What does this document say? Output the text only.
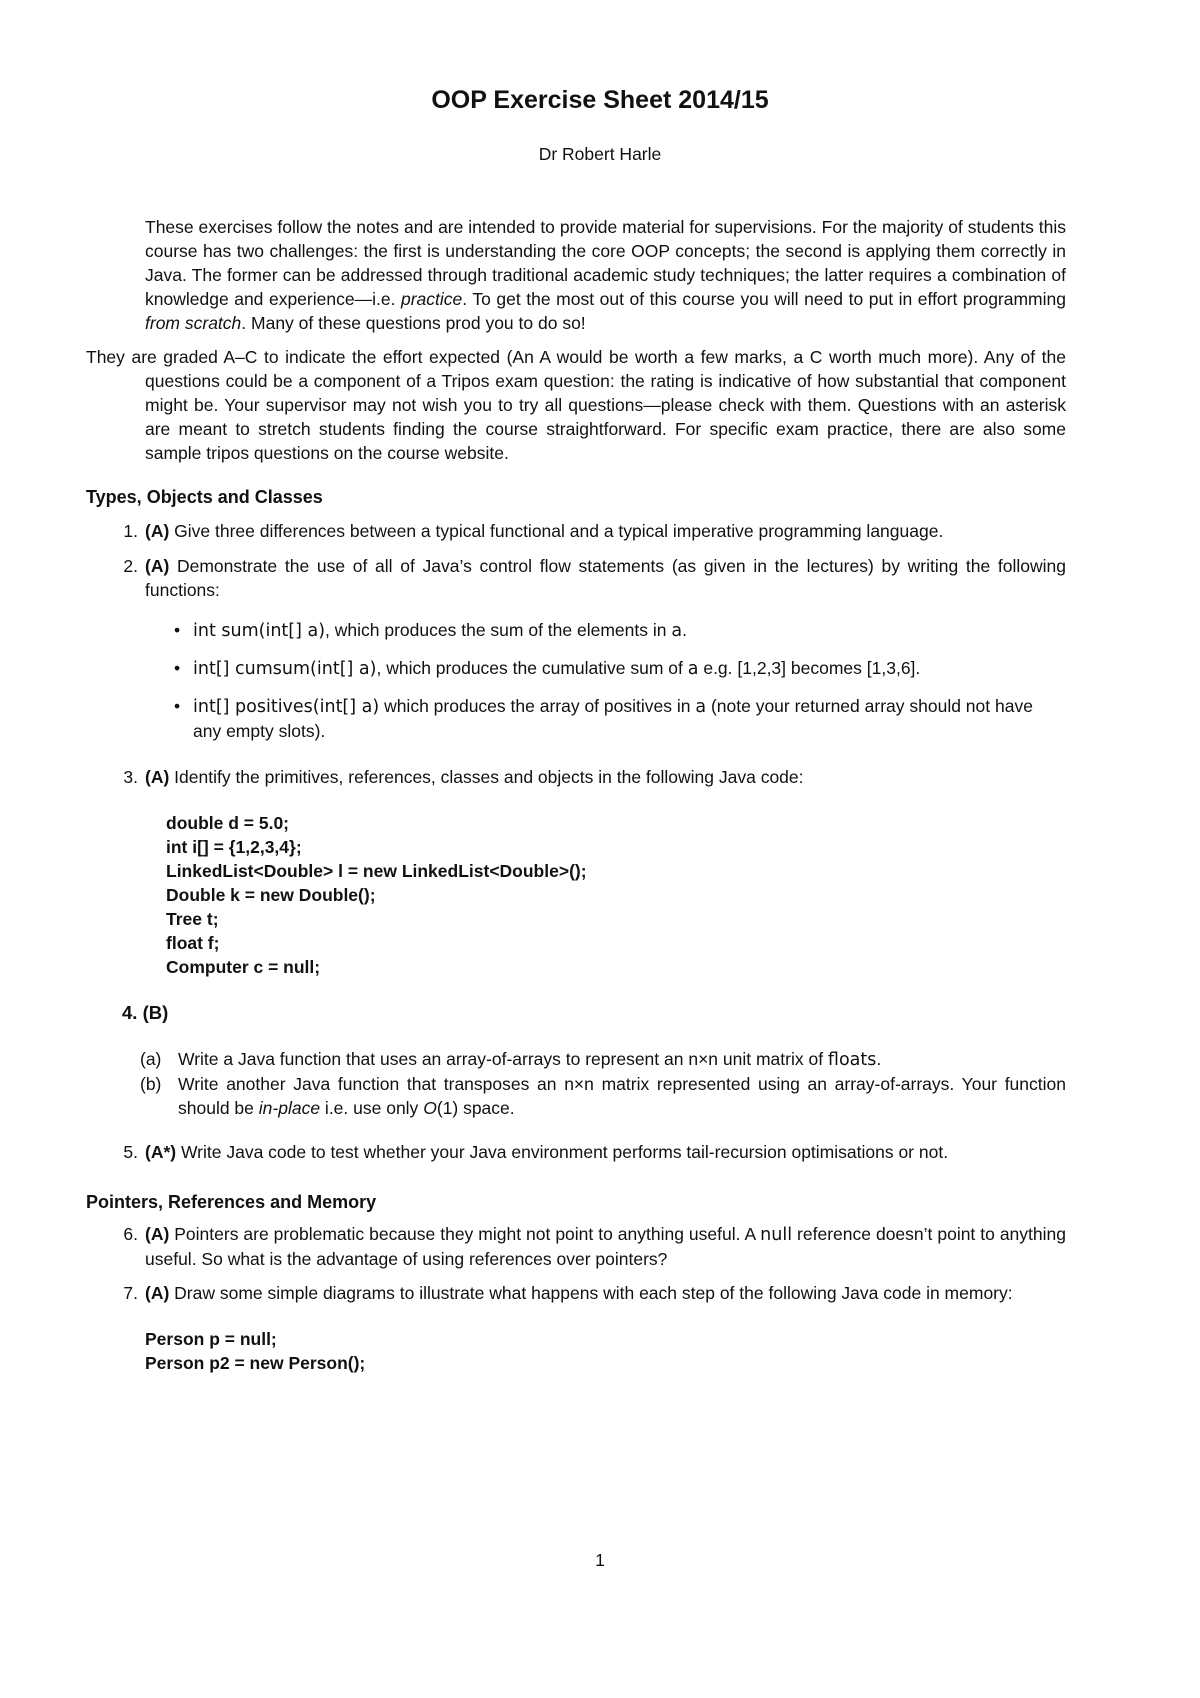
OOP Exercise Sheet 2014/15
Dr Robert Harle

These exercises follow the notes and are intended to provide material for supervisions. For the majority of students this course has two challenges: the first is understanding the core OOP concepts; the second is applying them correctly in Java. The former can be addressed through traditional academic study techniques; the latter requires a combination of knowledge and experience—i.e. practice. To get the most out of this course you will need to put in effort programming from scratch. Many of these questions prod you to do so!

They are graded A–C to indicate the effort expected (An A would be worth a few marks, a C worth much more). Any of the questions could be a component of a Tripos exam question: the rating is indicative of how substantial that component might be. Your supervisor may not wish you to try all questions—please check with them. Questions with an asterisk are meant to stretch students finding the course straightforward. For specific exam practice, there are also some sample tripos questions on the course website.

Types, Objects and Classes

1. (A) Give three differences between a typical functional and a typical imperative programming language.

2. (A) Demonstrate the use of all of Java’s control flow statements (as given in the lectures) by writing the following functions:

• int sum(int[] a), which produces the sum of the elements in a.
• int[] cumsum(int[] a), which produces the cumulative sum of a e.g. [1,2,3] becomes [1,3,6].
• int[] positives(int[] a) which produces the array of positives in a (note your returned array should not have any empty slots).

3. (A) Identify the primitives, references, classes and objects in the following Java code:

double d = 5.0;
int i[] = {1,2,3,4};
LinkedList<Double> l = new LinkedList<Double>();
Double k = new Double();
Tree t;
float f;
Computer c = null;

4. (B)

(a) Write a Java function that uses an array-of-arrays to represent an n×n unit matrix of floats.

(b) Write another Java function that transposes an n×n matrix represented using an array-of-arrays. Your function should be in-place i.e. use only O(1) space.

5. (A*) Write Java code to test whether your Java environment performs tail-recursion optimisations or not.

Pointers, References and Memory

6. (A) Pointers are problematic because they might not point to anything useful. A null reference doesn’t point to anything useful. So what is the advantage of using references over pointers?

7. (A) Draw some simple diagrams to illustrate what happens with each step of the following Java code in memory:

Person p = null;
Person p2 = new Person();
1
